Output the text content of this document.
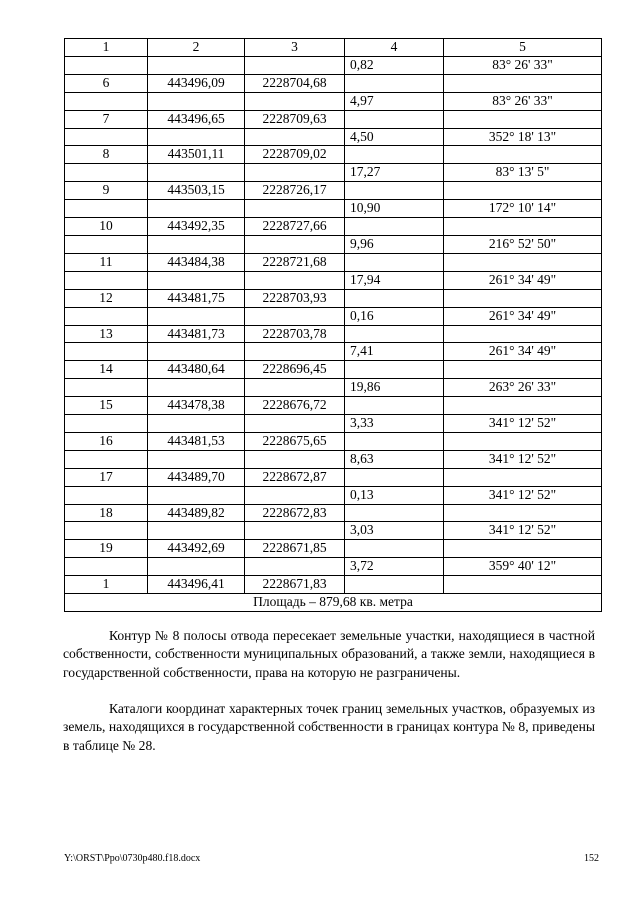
1	2	3	4	5
			0,82	83° 26' 33"
6	443496,09	2228704,68		
			4,97	83° 26' 33"
7	443496,65	2228709,63		
			4,50	352° 18' 13"
8	443501,11	2228709,02		
			17,27	83° 13' 5"
9	443503,15	2228726,17		
			10,90	172° 10' 14"
10	443492,35	2228727,66		
			9,96	216° 52' 50"
11	443484,38	2228721,68		
			17,94	261° 34' 49"
12	443481,75	2228703,93		
			0,16	261° 34' 49"
13	443481,73	2228703,78		
			7,41	261° 34' 49"
14	443480,64	2228696,45		
			19,86	263° 26' 33"
15	443478,38	2228676,72		
			3,33	341° 12' 52"
16	443481,53	2228675,65		
			8,63	341° 12' 52"
17	443489,70	2228672,87		
			0,13	341° 12' 52"
18	443489,82	2228672,83		
			3,03	341° 12' 52"
19	443492,69	2228671,85		
			3,72	359° 40' 12"
1	443496,41	2228671,83		
Площадь – 879,68 кв. метра				

Контур № 8 полосы отвода пересекает земельные участки, находящиеся в частной собственности, собственности муниципальных образований, а также земли, находящиеся в государственной собственности, права на которую не разграничены.

Каталоги координат характерных точек границ земельных участков, образуемых из земель, находящихся в государственной собственности в границах контура № 8, приведены в таблице № 28.

Y:\ORST\Ppo\0730p480.f18.docx	152
